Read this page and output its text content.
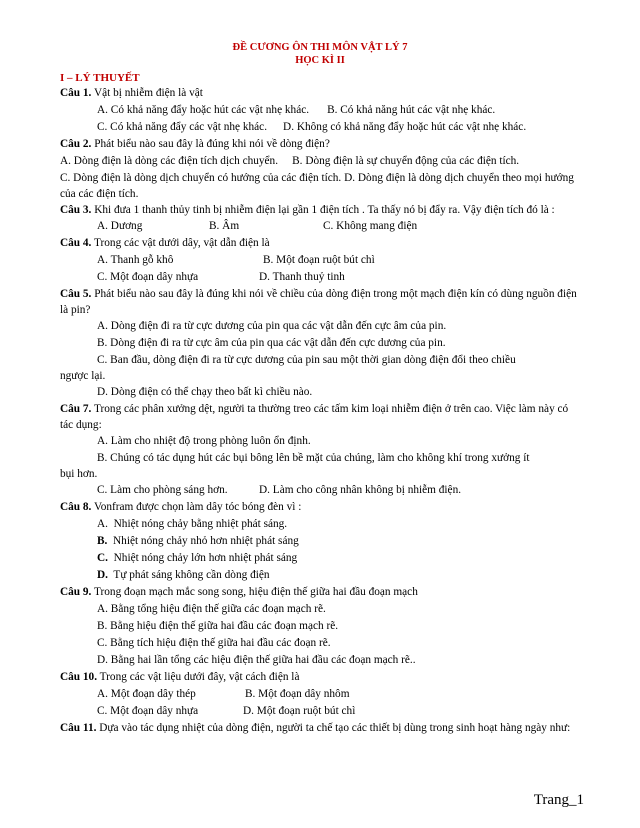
ĐỀ CƯƠNG ÔN THI MÔN VẬT LÝ 7
HỌC KÌ II
I – LÝ THUYẾT
Câu 1. Vật bị nhiễm điện là vật
A. Có khả năng đẩy hoặc hút các vật nhẹ khác. B. Có khả năng hút các vật nhẹ khác.
C. Có khả năng đẩy các vật nhẹ khác. D. Không có khả năng đẩy hoặc hút các vật nhẹ khác.
Câu 2. Phát biểu nào sau đây là đúng khi nói về dòng điện?
A. Dòng điện là dòng các điện tích dịch chuyển.     B. Dòng điện là sự chuyển động của các điện tích.
C. Dòng điện là dòng dịch chuyển có hướng của các điện tích. D. Dòng điện là dòng dịch chuyển theo mọi hướng của các điện tích.
Câu 3. Khi đưa 1 thanh thủy tinh bị nhiễm điện lại gần 1 điện tích . Ta thấy nó bị đẩy ra. Vậy điện tích đó là :
A. Dương	B. Âm	C. Không mang điện
Câu 4. Trong các vật dưới dây, vật dẫn điện là
A. Thanh gỗ khô	B. Một đoạn ruột bút chì
C. Một đoạn dây nhựa	D. Thanh thuỷ tinh
Câu 5. Phát biểu nào sau đây là đúng khi nói về chiều của dòng điện trong một mạch điện kín có dùng nguồn điện là pin?
A. Dòng điện đi ra từ cực dương của pin qua các vật dẫn đến cực âm của pin.
B. Dòng điện đi ra từ cực âm của pin qua các vật dẫn đến cực dương của pin.
C. Ban đầu, dòng điện đi ra từ cực dương của pin sau một thời gian dòng điện đổi theo chiều
ngược lại.
D. Dòng điện có thể chạy theo bất kì chiều nào.
Câu 7. Trong các phân xưởng dệt, người ta thường treo các tấm kim loại nhiễm điện ở trên cao. Việc làm này có tác dụng:
A. Làm cho nhiệt độ trong phòng luôn ổn định.
B. Chúng có tác dụng hút các bụi bông lên bề mặt của chúng, làm cho không khí trong xưởng ít
bụi hơn.
C. Làm cho phòng sáng hơn.	D. Làm cho công nhân không bị nhiễm điện.
Câu 8. Vonfram được chọn làm dây tóc bóng đèn vì :
A.  Nhiệt nóng chảy bằng nhiệt phát sáng.
B.  Nhiệt nóng chảy nhỏ hơn nhiệt phát sáng
C.  Nhiệt nóng chảy lớn hơn nhiệt phát sáng
D.  Tự phát sáng không cần dòng điện
Câu 9. Trong đoạn mạch mắc song song, hiệu điện thế giữa hai đầu đoạn mạch
A. Bằng tổng hiệu điện thế giữa các đoạn mạch rẽ.
B. Bằng hiệu điện thế giữa hai đầu các đoạn mạch rẽ.
C. Bằng tích hiệu điện thế giữa hai đầu các đoạn rẽ.
D. Bằng hai lần tổng các hiệu điện thế giữa hai đầu các đoạn mạch rẽ..
Câu 10. Trong các vật liệu dưới đây, vật cách điện là
A. Một đoạn dây thép	B. Một đoạn dây nhôm
C. Một đoạn dây nhựa	D. Một đoạn ruột bút chì
Câu 11. Dựa vào tác dụng nhiệt của dòng điện, người ta chế tạo các thiết bị dùng trong sinh hoạt hàng ngày như:
Trang_1
